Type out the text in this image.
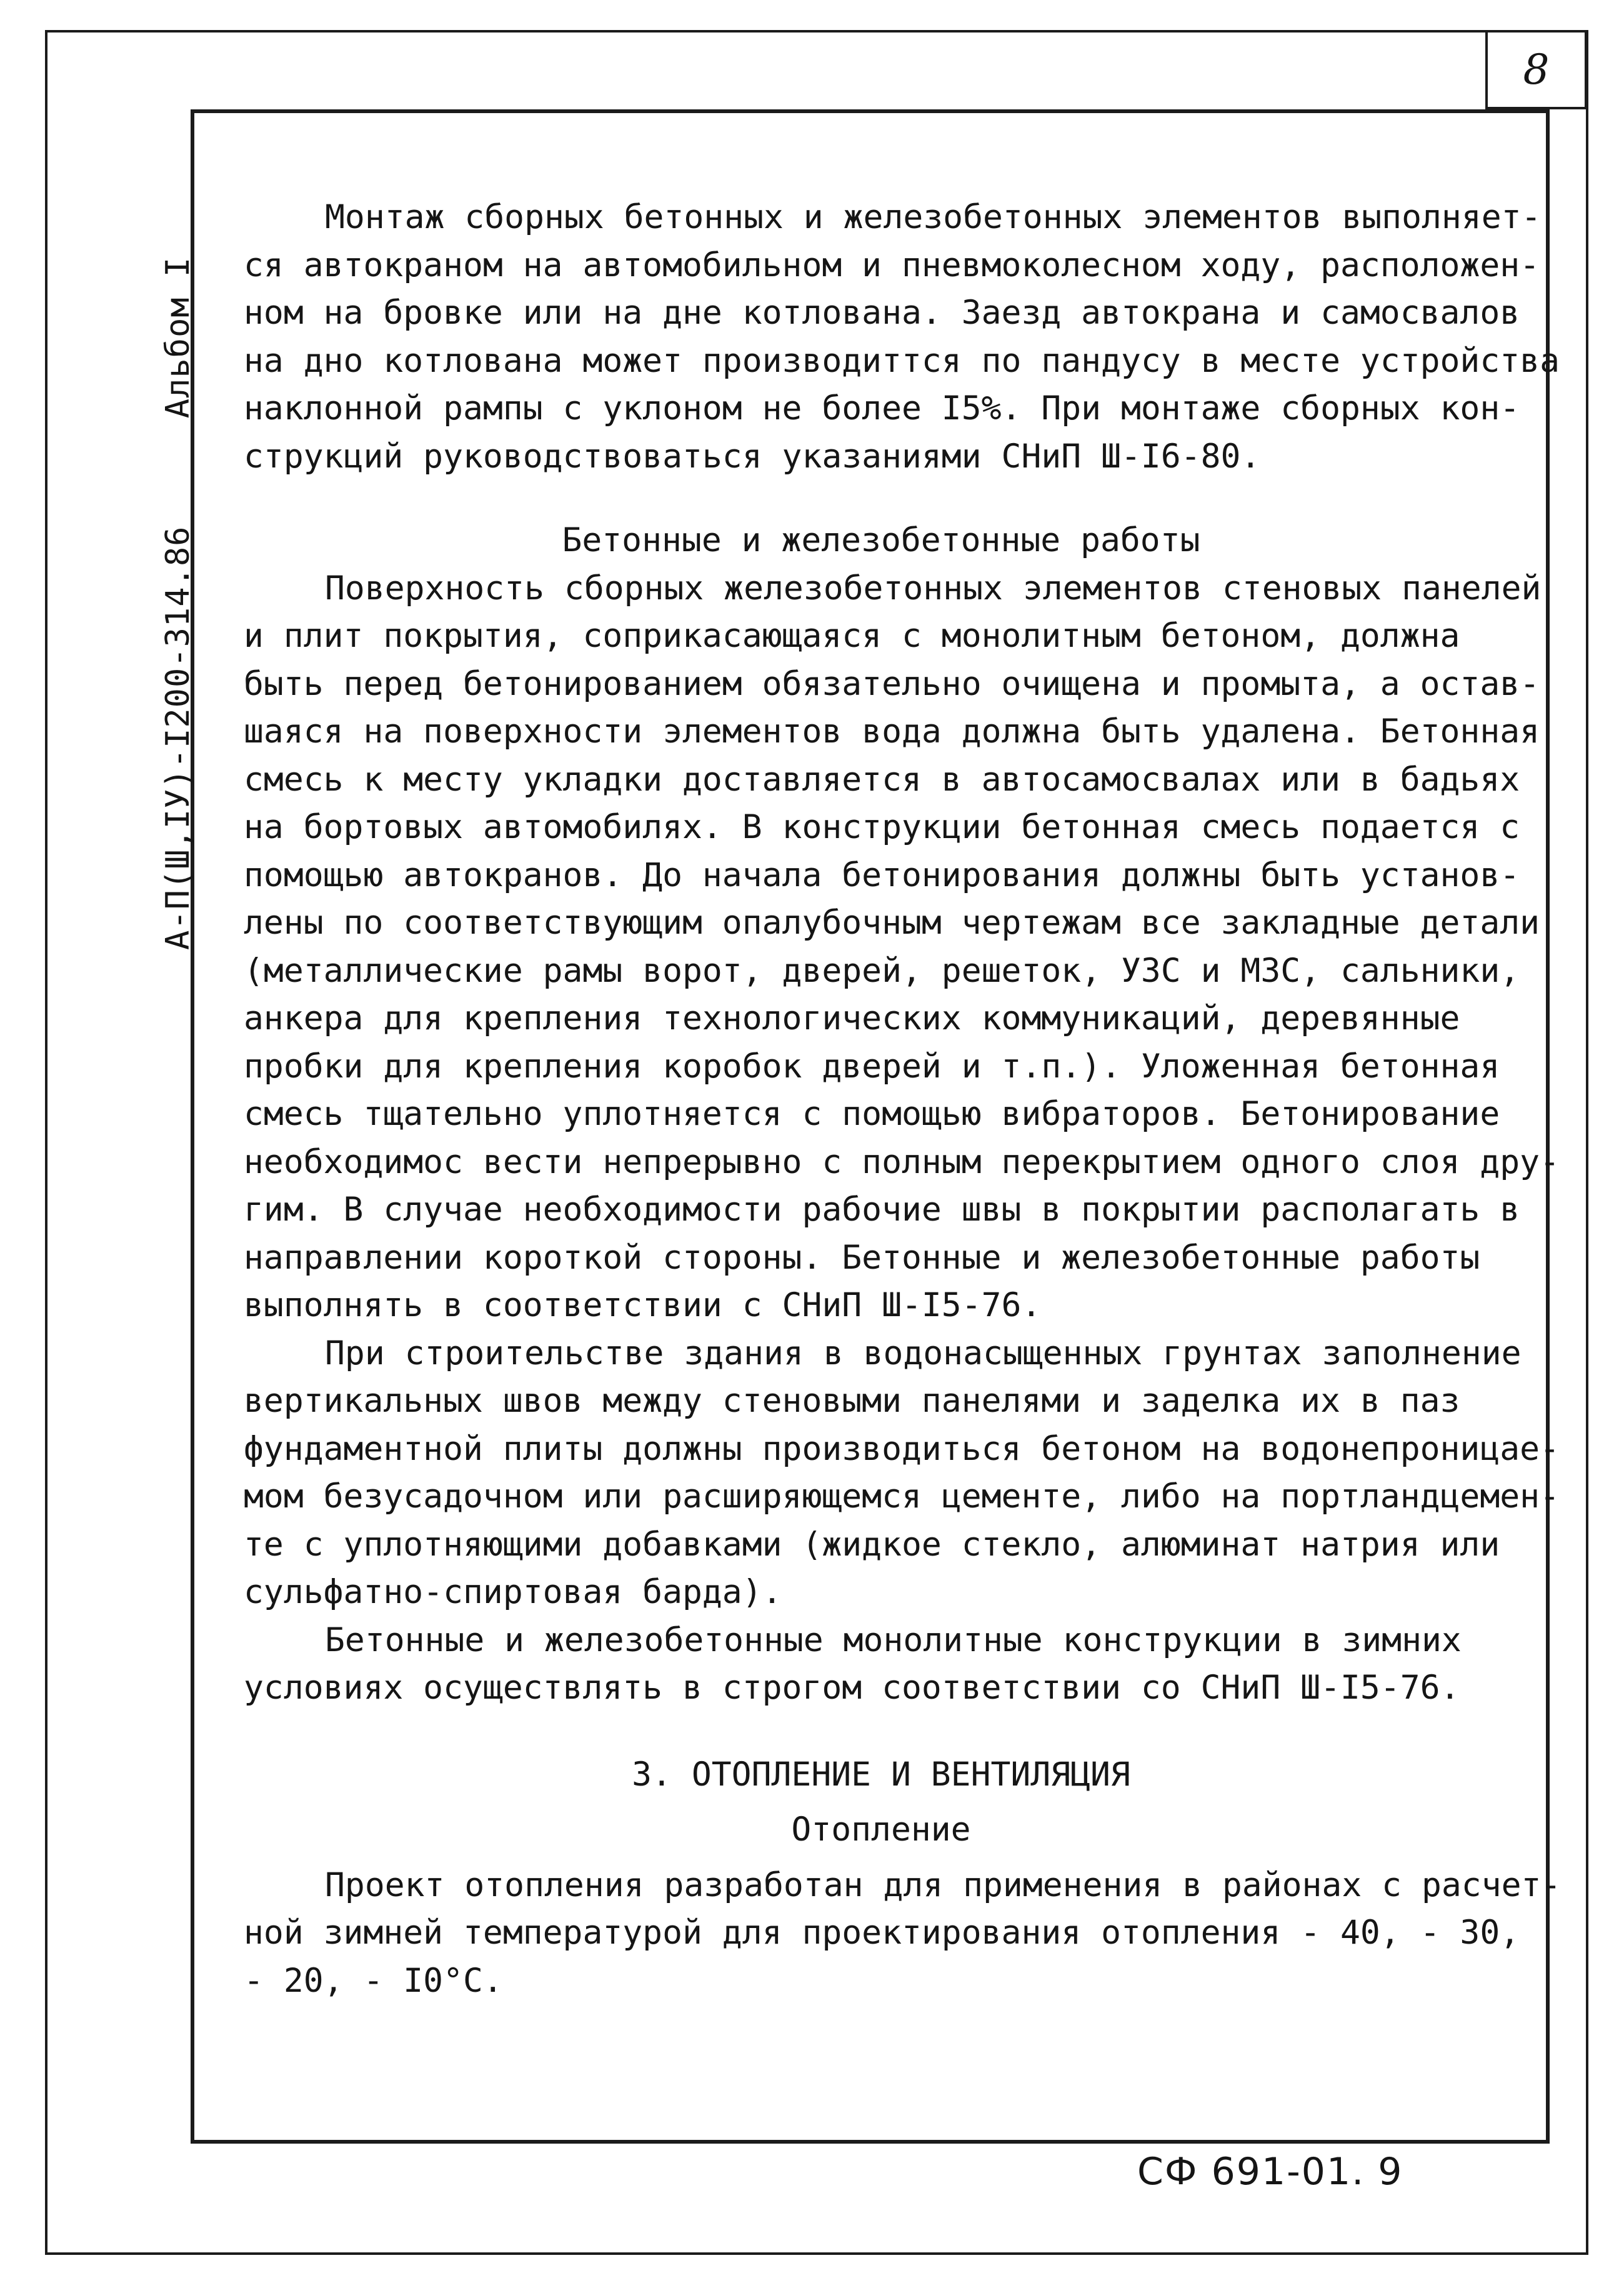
8
А-П(Ш,IУ)-I200-314.86 Альбом I
Монтаж сборных бетонных и железобетонных элементов выполняет-
ся автокраном на автомобильном и пневмоколесном ходу, расположен-
ном на бровке или на дне котлована. Заезд автокрана и самосвалов
на дно котлована может производиттся по пандусу в месте устройства
наклонной рампы с уклоном не более I5%. При монтаже сборных кон-
струкций руководствоваться указаниями СНиП Ш-I6-80.
Бетонные и железобетонные работы
Поверхность сборных железобетонных элементов стеновых панелей
и плит покрытия, соприкасающаяся с монолитным бетоном, должна
быть перед бетонированием обязательно очищена и промыта, а остав-
шаяся на поверхности элементов вода должна быть удалена. Бетонная
смесь к месту укладки доставляется в автосамосвалах или в бадьях
на бортовых автомобилях. В конструкции бетонная смесь подается с
помощью автокранов. До начала бетонирования должны быть установ-
лены по соответствующим опалубочным чертежам все закладные детали
(металлические рамы ворот, дверей, решеток, УЗС и МЗС, сальники,
анкера для крепления технологических коммуникаций, деревянные
пробки для крепления коробок дверей и т.п.). Уложенная бетонная
смесь тщательно уплотняется с помощью вибраторов. Бетонирование
необходимос вести непрерывно с полным перекрытием одного слоя дру-
гим. В случае необходимости рабочие швы в покрытии располагать в
направлении короткой стороны. Бетонные и железобетонные работы
выполнять в соответствии с СНиП Ш-I5-76.
При строительстве здания в водонасыщенных грунтах заполнение
вертикальных швов между стеновыми панелями и заделка их в паз
фундаментной плиты должны производиться бетоном на водонепроницае-
мом безусадочном или расширяющемся цементе, либо на портландцемен-
те с уплотняющими добавками (жидкое стекло, алюминат натрия или
сульфатно-спиртовая барда).
Бетонные и железобетонные монолитные конструкции в зимних
условиях осуществлять в строгом соответствии со СНиП Ш-I5-76.
3. ОТОПЛЕНИЕ И ВЕНТИЛЯЦИЯ
Отопление
Проект отопления разработан для применения в районах с расчет-
ной зимней температурой для проектирования отопления - 40, - 30,
- 20, - I0°С.
СФ 691-01. 9
